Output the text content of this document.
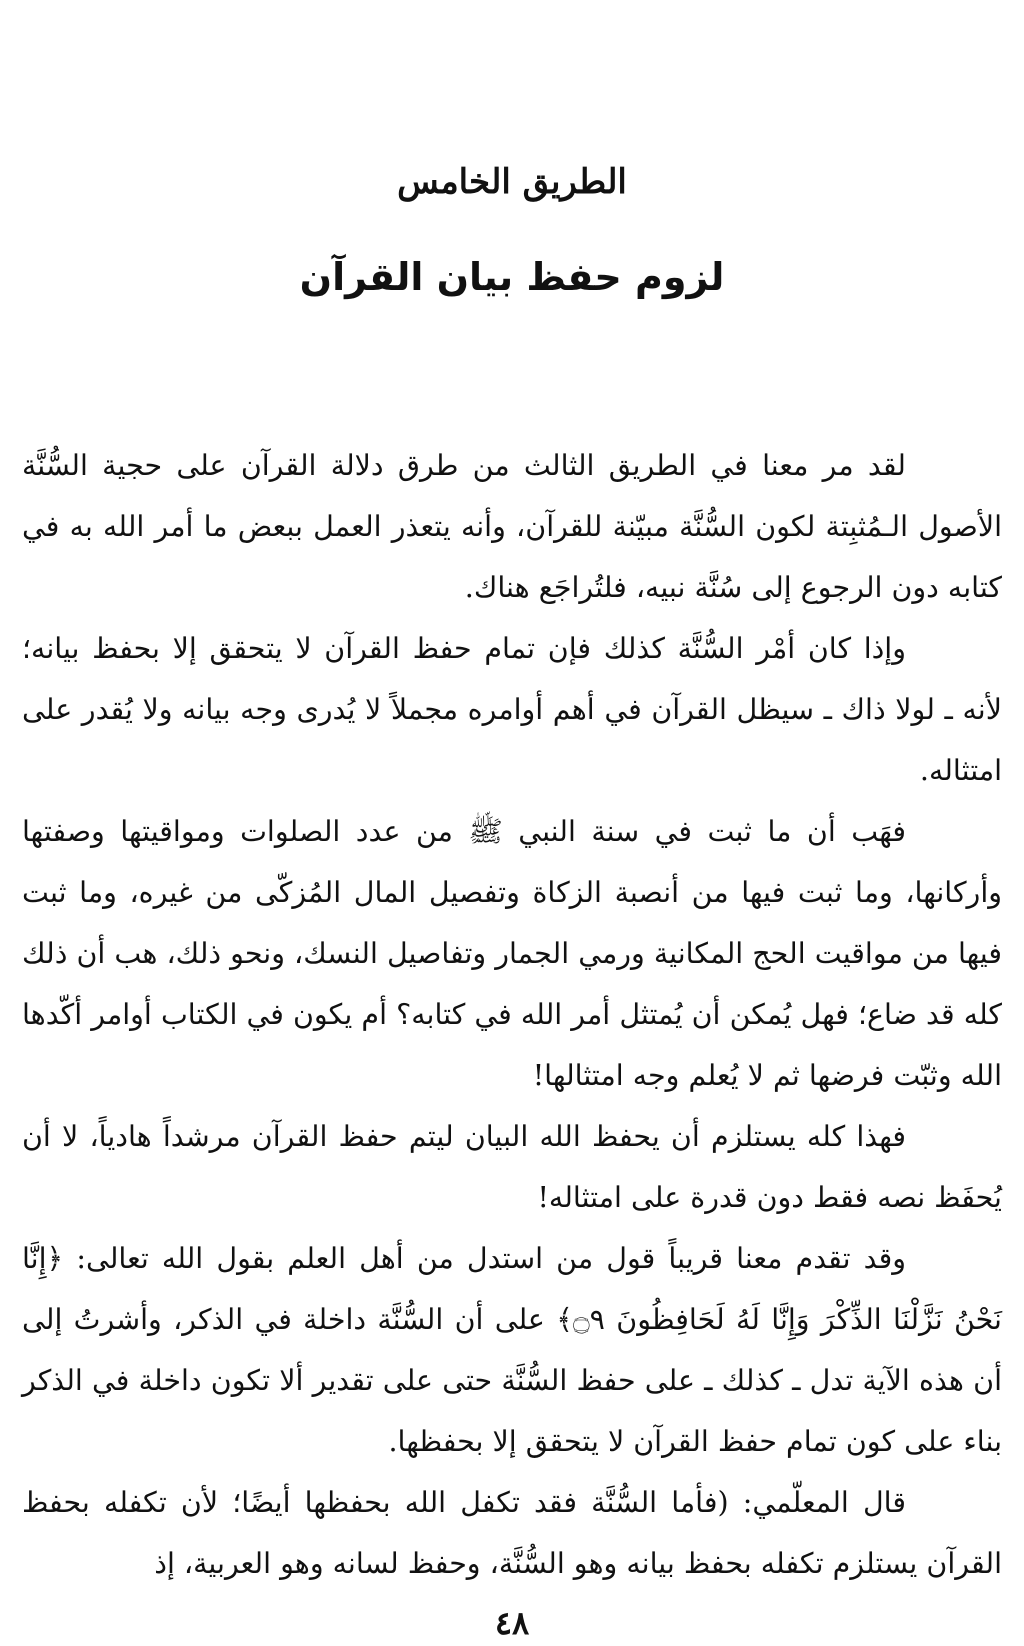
الطريق الخامس
لزوم حفظ بيان القرآن

لقد مر معنا في الطريق الثالث من طرق دلالة القرآن على حجية السُّنَّة الأصول الـمُثبِتة لكون السُّنَّة مبيّنة للقرآن، وأنه يتعذر العمل ببعض ما أمر الله به في كتابه دون الرجوع إلى سُنَّة نبيه، فلتُراجَع هناك.

وإذا كان أمْر السُّنَّة كذلك فإن تمام حفظ القرآن لا يتحقق إلا بحفظ بيانه؛ لأنه ـ لولا ذاك ـ سيظل القرآن في أهم أوامره مجملاً لا يُدرى وجه بيانه ولا يُقدر على امتثاله.

فهَب أن ما ثبت في سنة النبي ﷺ من عدد الصلوات ومواقيتها وصفتها وأركانها، وما ثبت فيها من أنصبة الزكاة وتفصيل المال المُزكّى من غيره، وما ثبت فيها من مواقيت الحج المكانية ورمي الجمار وتفاصيل النسك، ونحو ذلك، هب أن ذلك كله قد ضاع؛ فهل يُمكن أن يُمتثل أمر الله في كتابه؟ أم يكون في الكتاب أوامر أكّدها الله وثبّت فرضها ثم لا يُعلم وجه امتثالها!

فهذا كله يستلزم أن يحفظ الله البيان ليتم حفظ القرآن مرشداً هادياً، لا أن يُحفَظ نصه فقط دون قدرة على امتثاله!

وقد تقدم معنا قريباً قول من استدل من أهل العلم بقول الله تعالى: ﴿إِنَّا نَحْنُ نَزَّلْنَا الذِّكْرَ وَإِنَّا لَهُ لَحَافِظُونَ ۝٩﴾ على أن السُّنَّة داخلة في الذكر، وأشرتُ إلى أن هذه الآية تدل ـ كذلك ـ على حفظ السُّنَّة حتى على تقدير ألا تكون داخلة في الذكر بناء على كون تمام حفظ القرآن لا يتحقق إلا بحفظها.

قال المعلّمي: (فأما السُّنَّة فقد تكفل الله بحفظها أيضًا؛ لأن تكفله بحفظ القرآن يستلزم تكفله بحفظ بيانه وهو السُّنَّة، وحفظ لسانه وهو العربية، إذ

٤٨
